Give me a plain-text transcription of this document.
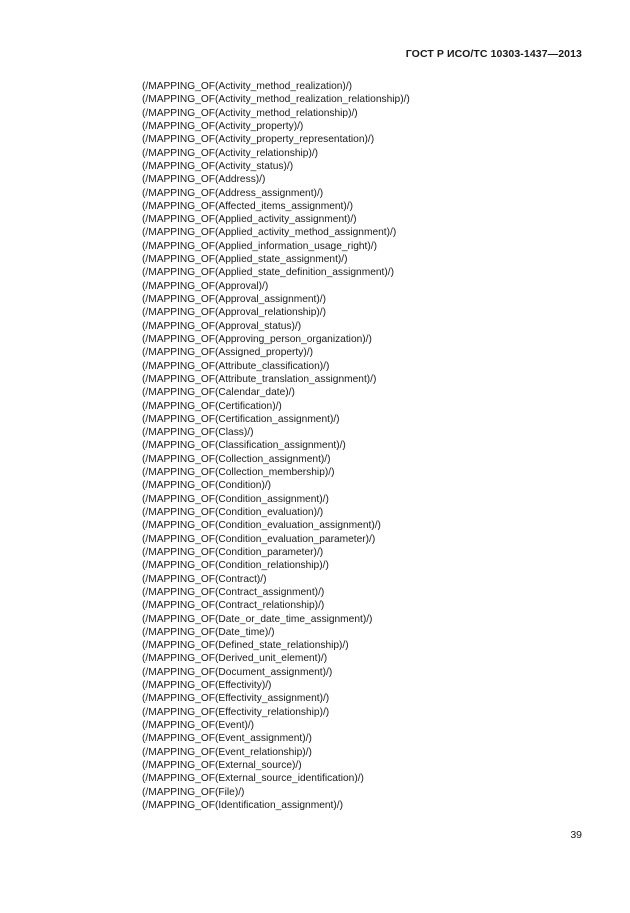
ГОСТ Р ИСО/ТС 10303-1437—2013
(/MAPPING_OF(Activity_method_realization)/)
(/MAPPING_OF(Activity_method_realization_relationship)/)
(/MAPPING_OF(Activity_method_relationship)/)
(/MAPPING_OF(Activity_property)/)
(/MAPPING_OF(Activity_property_representation)/)
(/MAPPING_OF(Activity_relationship)/)
(/MAPPING_OF(Activity_status)/)
(/MAPPING_OF(Address)/)
(/MAPPING_OF(Address_assignment)/)
(/MAPPING_OF(Affected_items_assignment)/)
(/MAPPING_OF(Applied_activity_assignment)/)
(/MAPPING_OF(Applied_activity_method_assignment)/)
(/MAPPING_OF(Applied_information_usage_right)/)
(/MAPPING_OF(Applied_state_assignment)/)
(/MAPPING_OF(Applied_state_definition_assignment)/)
(/MAPPING_OF(Approval)/)
(/MAPPING_OF(Approval_assignment)/)
(/MAPPING_OF(Approval_relationship)/)
(/MAPPING_OF(Approval_status)/)
(/MAPPING_OF(Approving_person_organization)/)
(/MAPPING_OF(Assigned_property)/)
(/MAPPING_OF(Attribute_classification)/)
(/MAPPING_OF(Attribute_translation_assignment)/)
(/MAPPING_OF(Calendar_date)/)
(/MAPPING_OF(Certification)/)
(/MAPPING_OF(Certification_assignment)/)
(/MAPPING_OF(Class)/)
(/MAPPING_OF(Classification_assignment)/)
(/MAPPING_OF(Collection_assignment)/)
(/MAPPING_OF(Collection_membership)/)
(/MAPPING_OF(Condition)/)
(/MAPPING_OF(Condition_assignment)/)
(/MAPPING_OF(Condition_evaluation)/)
(/MAPPING_OF(Condition_evaluation_assignment)/)
(/MAPPING_OF(Condition_evaluation_parameter)/)
(/MAPPING_OF(Condition_parameter)/)
(/MAPPING_OF(Condition_relationship)/)
(/MAPPING_OF(Contract)/)
(/MAPPING_OF(Contract_assignment)/)
(/MAPPING_OF(Contract_relationship)/)
(/MAPPING_OF(Date_or_date_time_assignment)/)
(/MAPPING_OF(Date_time)/)
(/MAPPING_OF(Defined_state_relationship)/)
(/MAPPING_OF(Derived_unit_element)/)
(/MAPPING_OF(Document_assignment)/)
(/MAPPING_OF(Effectivity)/)
(/MAPPING_OF(Effectivity_assignment)/)
(/MAPPING_OF(Effectivity_relationship)/)
(/MAPPING_OF(Event)/)
(/MAPPING_OF(Event_assignment)/)
(/MAPPING_OF(Event_relationship)/)
(/MAPPING_OF(External_source)/)
(/MAPPING_OF(External_source_identification)/)
(/MAPPING_OF(File)/)
(/MAPPING_OF(Identification_assignment)/)
39
